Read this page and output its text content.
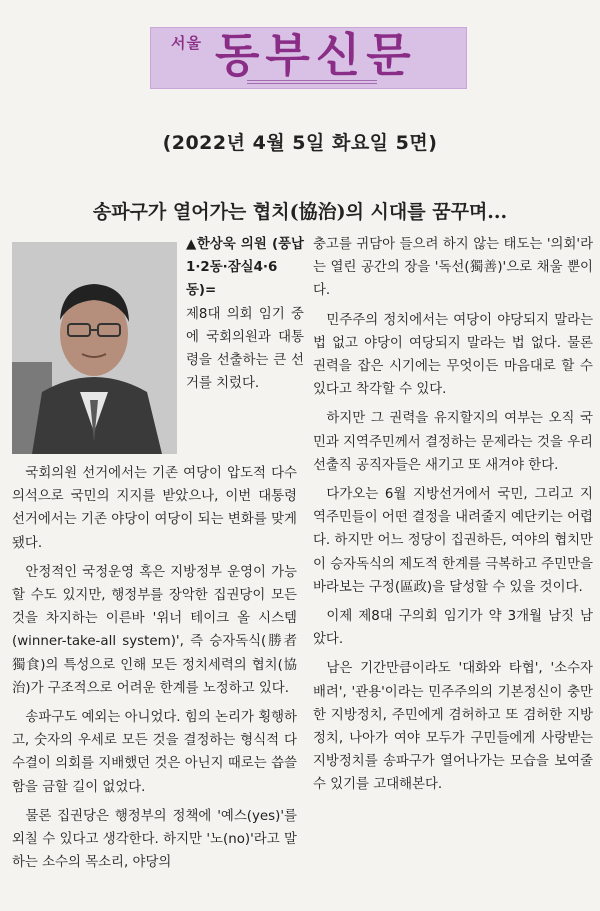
서울 동부신문
(2022년 4월 5일 화요일 5면)
송파구가 열어가는 협치(協治)의 시대를 꿈꾸며...

▲한상욱 의원 (풍납1·2동·잠실4·6동)=

제8대 의회 임기 중에 국회의원과 대통령을 선출하는 큰 선거를 치렀다.

국회의원 선거에서는 기존 여당이 압도적 다수 의석으로 국민의 지지를 받았으나, 이번 대통령 선거에서는 기존 야당이 여당이 되는 변화를 맞게 됐다.

안정적인 국정운영 혹은 지방정부 운영이 가능할 수도 있지만, 행정부를 장악한 집권당이 모든 것을 차지하는 이른바 '위너 테이크 올 시스템(winner-take-all system)', 즉 승자독식(勝者獨食)의 특성으로 인해 모든 정치세력의 협치(協治)가 구조적으로 어려운 한계를 노정하고 있다.

송파구도 예외는 아니었다. 힘의 논리가 횡행하고, 숫자의 우세로 모든 것을 결정하는 형식적 다수결이 의회를 지배했던 것은 아닌지 때로는 씁쓸함을 금할 길이 없었다.

물론 집권당은 행정부의 정책에 '예스(yes)'를 외칠 수 있다고 생각한다. 하지만 '노(no)'라고 말하는 소수의 목소리, 야당의

충고를 귀담아 들으려 하지 않는 태도는 '의회'라는 열린 공간의 장을 '독선(獨善)'으로 채울 뿐이다.

민주주의 정치에서는 여당이 야당되지 말라는 법 없고 야당이 여당되지 말라는 법 없다. 물론 권력을 잡은 시기에는 무엇이든 마음대로 할 수 있다고 착각할 수 있다.

하지만 그 권력을 유지할지의 여부는 오직 국민과 지역주민께서 결정하는 문제라는 것을 우리 선출직 공직자들은 새기고 또 새겨야 한다.

다가오는 6월 지방선거에서 국민, 그리고 지역주민들이 어떤 결정을 내려줄지 예단키는 어렵다. 하지만 어느 정당이 집권하든, 여야의 협치만이 승자독식의 제도적 한계를 극복하고 주민만을 바라보는 구정(區政)을 달성할 수 있을 것이다.

이제 제8대 구의회 임기가 약 3개월 남짓 남았다.

남은 기간만큼이라도 '대화와 타협', '소수자 배려', '관용'이라는 민주주의의 기본정신이 충만한 지방정치, 주민에게 겸허하고 또 겸허한 지방정치, 나아가 여야 모두가 구민들에게 사랑받는 지방정치를 송파구가 열어나가는 모습을 보여줄 수 있기를 고대해본다.
